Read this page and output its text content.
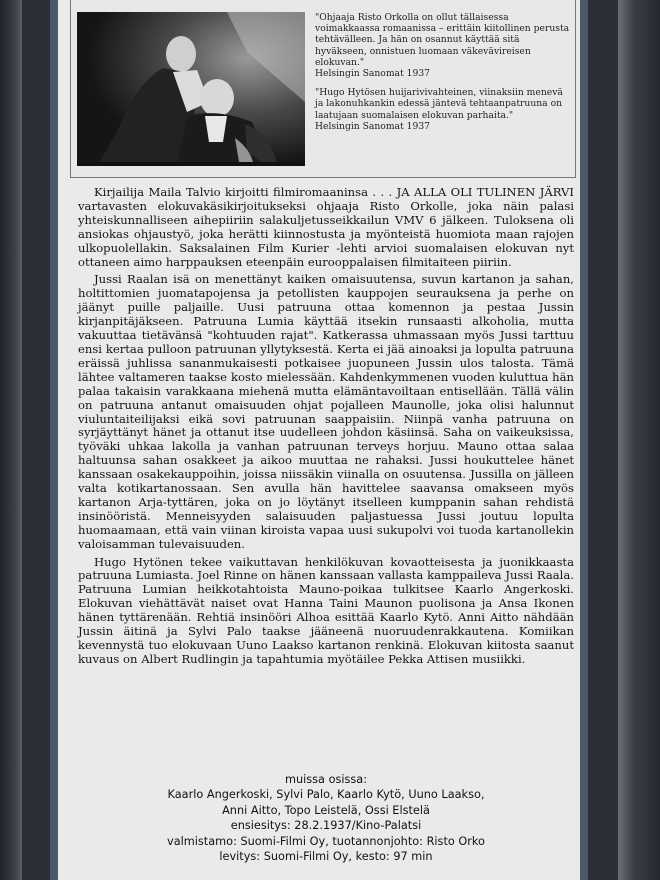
"Ohjaaja Risto Orkolla on ollut tällaisessa voimakkaassa romaanissa – erittäin kiitollinen perusta tehtävälleen. Ja hän on osannut käyttää sitä hyväkseen, onnistuen luomaan väkevävireisen elokuvan."
Helsingin Sanomat 1937
"Hugo Hytösen huijarivivahteinen, viinaksiin menevä ja lakonuhkankin edessä jäntevä tehtaanpatruuna on laatujaan suomalaisen elokuvan parhaita."
Helsingin Sanomat 1937

Kirjailija Maila Talvio kirjoitti filmiromaaninsa . . . JA ALLA OLI TULINEN JÄRVI vartavasten elokuvakäsikirjoitukseksi ohjaaja Risto Orkolle, joka näin palasi yhteiskunnalliseen aihepiiriin salakuljetusseikkailun VMV 6 jälkeen. Tuloksena oli ansiokas ohjaustyö, joka herätti kiinnostusta ja myönteistä huomiota maan rajojen ulkopuolellakin. Saksalainen Film Kurier -lehti arvioi suomalaisen elokuvan nyt ottaneen aimo harppauksen eteenpäin eurooppalaisen filmitaiteen piiriin.

Jussi Raalan isä on menettänyt kaiken omaisuutensa, suvun kartanon ja sahan, holtittomien juomatapojensa ja petollisten kauppojen seurauksena ja perhe on jäänyt puille paljaille. Uusi patruuna ottaa komennon ja pestaa Jussin kirjanpitäjäkseen. Patruuna Lumia käyttää itsekin runsaasti alkoholia, mutta vakuuttaa tietävänsä "kohtuuden rajat". Katkerassa uhmassaan myös Jussi tarttuu ensi kertaa pulloon patruunan yllytyksestä. Kerta ei jää ainoaksi ja lopulta patruuna eräissä juhlissa sananmukaisesti potkaisee juopuneen Jussin ulos talosta. Tämä lähtee valtameren taakse kosto mielessään. Kahdenkymmenen vuoden kuluttua hän palaa takaisin varakkaana miehenä mutta elämäntavoiltaan entisellään. Tällä välin on patruuna antanut omaisuuden ohjat pojalleen Maunolle, joka olisi halunnut viuluntaiteilijaksi eikä sovi patruunan saappaisiin. Niinpä vanha patruuna on syrjäyttänyt hänet ja ottanut itse uudelleen johdon käsiinsä. Saha on vaikeuksissa, työväki uhkaa lakolla ja vanhan patruunan terveys horjuu. Mauno ottaa salaa haltuunsa sahan osakkeet ja aikoo muuttaa ne rahaksi. Jussi houkuttelee hänet kanssaan osakekauppoihin, joissa niissäkin viinalla on osuutensa. Jussilla on jälleen valta kotikartanossaan. Sen avulla hän havittelee saavansa omakseen myös kartanon Arja-tyttären, joka on jo löytänyt itselleen kumppanin sahan rehdistä insinööristä. Menneisyyden salaisuuden paljastuessa Jussi joutuu lopulta huomaamaan, että vain viinan kiroista vapaa uusi sukupolvi voi tuoda kartanollekin valoisamman tulevaisuuden.

Hugo Hytönen tekee vaikuttavan henkilökuvan kovaotteisesta ja juonikkaasta patruuna Lumiasta. Joel Rinne on hänen kanssaan vallasta kamppaileva Jussi Raala. Patruuna Lumian heikkotahtoista Mauno-poikaa tulkitsee Kaarlo Angerkoski. Elokuvan viehättävät naiset ovat Hanna Taini Maunon puolisona ja Ansa Ikonen hänen tyttärenään. Rehtiä insinööri Alhoa esittää Kaarlo Kytö. Anni Aitto nähdään Jussin äitinä ja Sylvi Palo taakse jääneenä nuoruudenrakkautena. Komiikan kevennystä tuo elokuvaan Uuno Laakso kartanon renkinä. Elokuvan kiitosta saanut kuvaus on Albert Rudlingin ja tapahtumia myötäilee Pekka Attisen musiikki.

muissa osissa:
Kaarlo Angerkoski, Sylvi Palo, Kaarlo Kytö, Uuno Laakso,
Anni Aitto, Topo Leistelä, Ossi Elstelä
ensiesitys: 28.2.1937/Kino-Palatsi
valmistamo: Suomi-Filmi Oy, tuotannonjohto: Risto Orko
levitys: Suomi-Filmi Oy, kesto: 97 min
